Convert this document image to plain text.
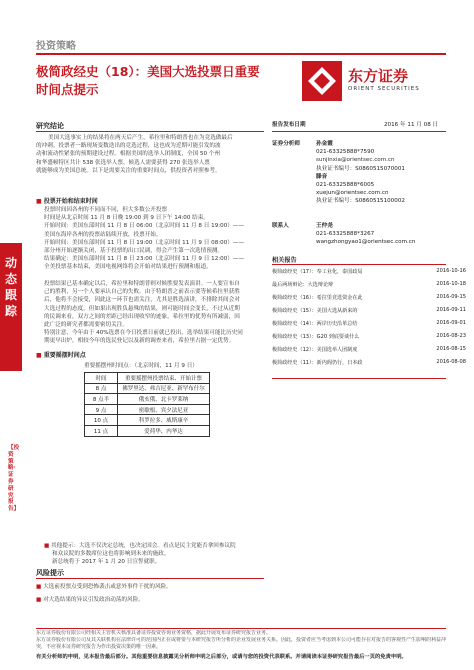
投资策略
动态跟踪
【投资策略·证券研究报告】
极简政经史（18）：美国大选投票日重要
时间点提示
东方证券
ORIENT SECURITIES
研究结论
美国大选事实上的结果将在两天后产生，希拉里和特朗普也在为竞选做最后
的冲刺。投票者一路现场变数迭出的竞选过程，这也成为近期可能引发的波
动和流动性紧张的预期建设过程。根据美国的选举人团制度，全国 50 个州
和华盛顿特区共计 538 张选举人票，候选人需要获得 270 张选举人票
就能够成为美国总统。以下是需要关注的重要时间点，供投资者对照参考。
■ 投票开始和结束时间
投票时间因各州的不同而不同，但大多数公开投票
时间是从北京时间 11 月 8 日晚 19:00 到 9 日下午 14:00 结束。
开始时间：美国东部时间 11 月 8 日 06:00（北京时间 11 月 8 日 19:00）——
美国东海岸各州的投票站陆续开放，投票开始。
开始时间：美国东部时间 11 月 8 日 19:00（北京时间 11 月 9 日 08:00）——
部分州开始逐渐关闭，基于投票的出口民调，得会产生第一次选情预测。
结果确定：美国东部时间 11 月 8 日 23:00（北京时间 11 月 9 日 12:00）——
全美投票基本结束，美国电视网络将会开始对结果进行预测和报道。
投票结果已基本确定以后，希拉里和特朗普则对候胜要发表演讲。一人要宣布自
己的胜利，另一个人要承认自己的失败。由于特朗普之前表示要等候希拉里获胜
后，他将不会接受，因此这一环节也需关注，尤其是胜选演讲，不排除其间会对
大选过程的态度，但如果出现胜负悬殊的结果，则可能时间会变长，不过从近期
的民调来看，双方之间的差距已经出现收窄的迹象，希拉里的优势有所减弱，因
此广泛的研究者都需要密切关注。
特别注意，今年由于 40%选票在今日投票日前就已投出，选举结果可能比历史同
期更早出炉，相较今年的选民登记以及新的调查来看，希拉里占据一定优势。
■ 重要摇摆时间点
重要摇摆州时间点：（北京时间，11 月 9 日）
时间	重要摇摆州投票结束、开始计票
8 点	佛罗里达、弗吉尼亚、新罕布什尔
8 点半	俄亥俄、北卡罗莱纳
9 点	密歇根、宾夕法尼亚
10 点	科罗拉多、威斯康辛
11 点	爱荷华、内华达
■ 其他提示：大选不仅决定总统，也决定国会。看点是民主党能否拿回参议院
和众议院的多数席位这也将影响到未来的施政。
新总统将于 2017 年 1 月 20 日宣誓就职。
风险提示
■ 大选前投票点受到恐怖袭击或意外事件干扰的风险。
■ 对大选结果的异议引发政治动荡的风险。
报告发布日期	2016 年 11 月 08 日
证券分析师	孙金霞
021-63325888*7590
sunjinxia@orientsec.com.cn
执业证书编号：S0860515070001
滕音
021-63325888*6005
xuejun@orientsec.com.cn
执业证书编号：S0860515100002
联系人	王仲尧
021-63325888*3267
wangzhongyao1@orientsec.com.cn
相关报告
极简政经史（17）：奉工业化，泰国政局	2016-10-16
最后两场辩论：大选辩论辩	2016-10-18
极简政经史（16）：希拉里竞选资金在此	2016-09-15
极简政经史（15）：美国大选从新来的	2016-09-11
极简政经史（14）：两岸历史沿革总结	2016-09-01
极简政经史（13）：G20 到底要谈什么	2016-08-23
极简政经史（12）：美国选举人团制度	2016-08-15
极简政经史（11）：新内阁仍行，日本政	2016-08-08
东方证券股份有限公司经相关主管机关核准具备证券投资咨询业务资格，据此开展发布证券研究报告业务。
东方证券股份有限公司及其关联机构在法律许可的范围内正在或将要与本研究报告所分析的企业发展业务关系。因此，投资者应当考虑到本公司可能存在对报告的客观性产生影响的利益冲突，不应视本证券研究报告为作出投资决策的唯一因素。
有关分析师的申明，见本报告最后部分。其他重要信息披露见分析师申明之后部分，或请与您的投资代表联系。并请阅读本证券研究报告最后一页的免责申明。
